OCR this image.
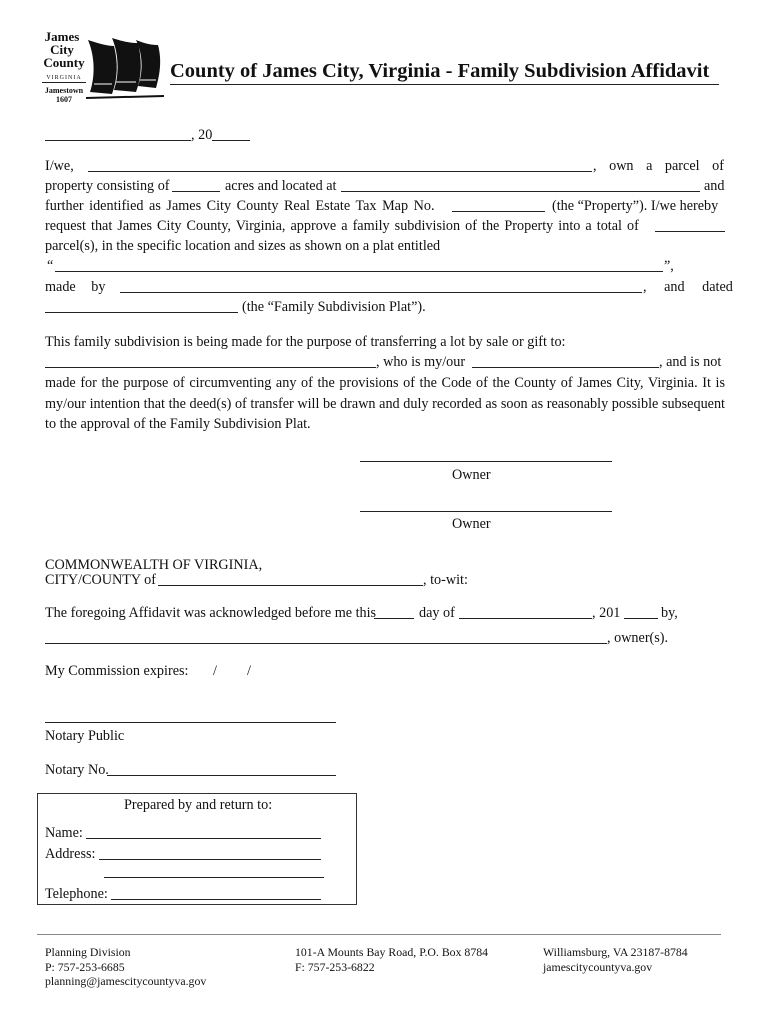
James
City
County
VIRGINIA
Jamestown
1607
County of James City, Virginia - Family Subdivision Affidavit
, 20
I/we,	, own a parcel of
property consisting of	acres and located at	and
further identified as James City County Real Estate Tax Map No.	(the “Property”). I/we hereby
request that James City County, Virginia, approve a family subdivision of the Property into a total of
parcel(s), in the specific location and sizes as shown on a plat entitled
“	”,
made by	, and dated
(the “Family Subdivision Plat”).
This family subdivision is being made for the purpose of transferring a lot by sale or gift to:
, who is my/our	, and is not
made for the purpose of circumventing any of the provisions of the Code of the County of James City, Virginia. It is my/our intention that the deed(s) of transfer will be drawn and duly recorded as soon as reasonably possible subsequent to the approval of the Family Subdivision Plat.
Owner
Owner
COMMONWEALTH OF VIRGINIA,
CITY/COUNTY of	, to-wit:
The foregoing Affidavit was acknowledged before me this	day of	, 201	by,
, owner(s).
My Commission expires: / /
Notary Public
Notary No.
Prepared by and return to:
Name:
Address:
Telephone:
Planning Division
P: 757-253-6685
planning@jamescitycountyva.gov
101-A Mounts Bay Road, P.O. Box 8784
F: 757-253-6822
Williamsburg, VA 23187-8784
jamescitycountyva.gov
